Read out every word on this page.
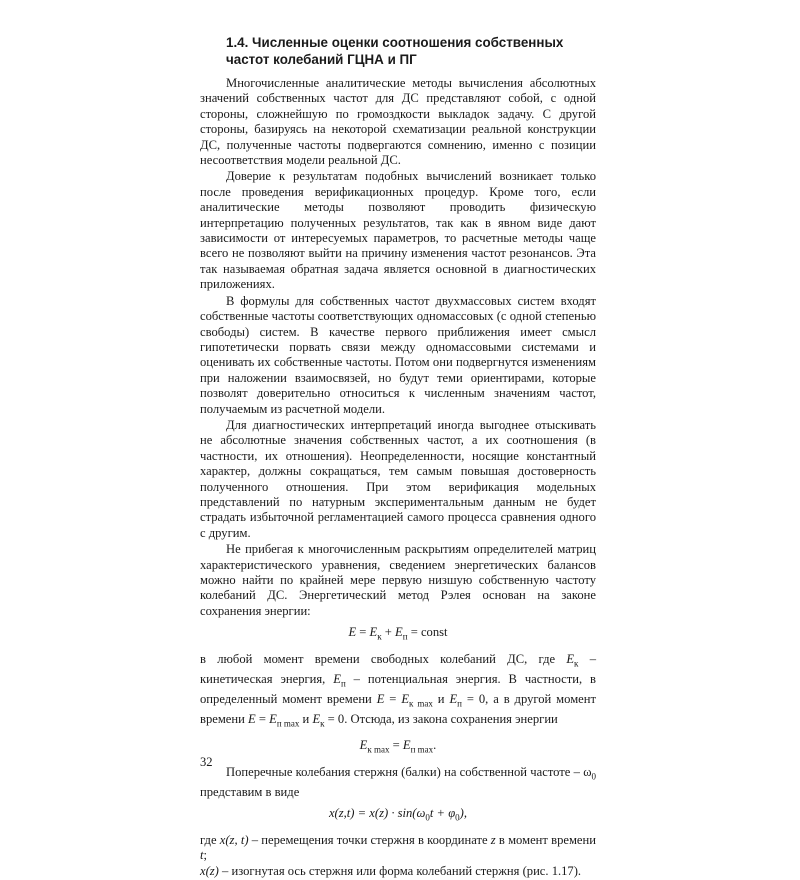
1.4. Численные оценки соотношения собственных частот колебаний ГЦНА и ПГ

Многочисленные аналитические методы вычисления абсолютных значений собственных частот для ДС представляют собой, с одной стороны, сложнейшую по громоздкости выкладок задачу. С другой стороны, базируясь на некоторой схематизации реальной конструкции ДС, полученные частоты подвергаются сомнению, именно с позиции несоответствия модели реальной ДС.

Доверие к результатам подобных вычислений возникает только после проведения верификационных процедур. Кроме того, если аналитические методы позволяют проводить физическую интерпретацию полученных результатов, так как в явном виде дают зависимости от интересуемых параметров, то расчетные методы чаще всего не позволяют выйти на причину изменения частот резонансов. Эта так называемая обратная задача является основной в диагностических приложениях.

В формулы для собственных частот двухмассовых систем входят собственные частоты соответствующих одномассовых (с одной степенью свободы) систем. В качестве первого приближения имеет смысл гипотетически порвать связи между одномассовыми системами и оценивать их собственные частоты. Потом они подвергнутся изменениям при наложении взаимосвязей, но будут теми ориентирами, которые позволят доверительно относиться к численным значениям частот, получаемым из расчетной модели.

Для диагностических интерпретаций иногда выгоднее отыскивать не абсолютные значения собственных частот, а их соотношения (в частности, их отношения). Неопределенности, носящие константный характер, должны сокращаться, тем самым повышая достоверность полученного отношения. При этом верификация модельных представлений по натурным экспериментальным данным не будет страдать избыточной регламентацией самого процесса сравнения одного с другим.

Не прибегая к многочисленным раскрытиям определителей матриц характеристического уравнения, сведением энергетических балансов можно найти по крайней мере первую низшую собственную частоту колебаний ДС. Энергетический метод Рэлея основан на законе сохранения энергии:

$E = E_к + E_п$ = const

в любой момент времени свободных колебаний ДС, где $E_к$ – кинетическая энергия, $E_п$ – потенциальная энергия. В частности, в определенный момент времени $E = E_{к max}$ и $E_п = 0$, а в другой момент времени $E = E_{п max}$ и $E_к = 0$. Отсюда, из закона сохранения энергии

$E_{к max} = E_{п max}$.

Поперечные колебания стержня (балки) на собственной частоте – $\omega_0$ представим в виде

$x(z,t) = x(z) \cdot \sin(\omega_0t + \varphi_0)$,

где x(z, t) – перемещения точки стержня в координате z в момент времени t;
x(z) – изогнутая ось стержня или форма колебаний стержня (рис. 1.17).

32
